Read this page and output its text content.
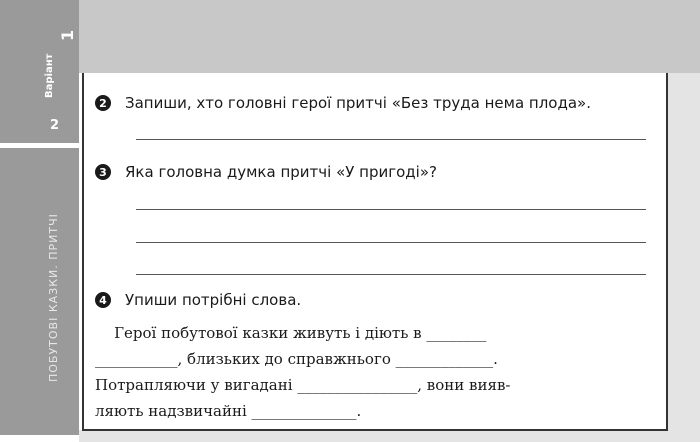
Варіант
1
2
ПОБУТОВІ КАЗКИ. ПРИТЧІ
2 Запиши, хто головні герої притчі «Без труда нема плода».
3 Яка головна думка притчі «У пригоді»?
4 Упиши потрібні слова.
Герої побутової казки живуть і діють в ________
___________, близьких до справжнього _____________.
Потрапляючи у вигадані ________________, вони вияв-
ляють надзвичайні ______________.
